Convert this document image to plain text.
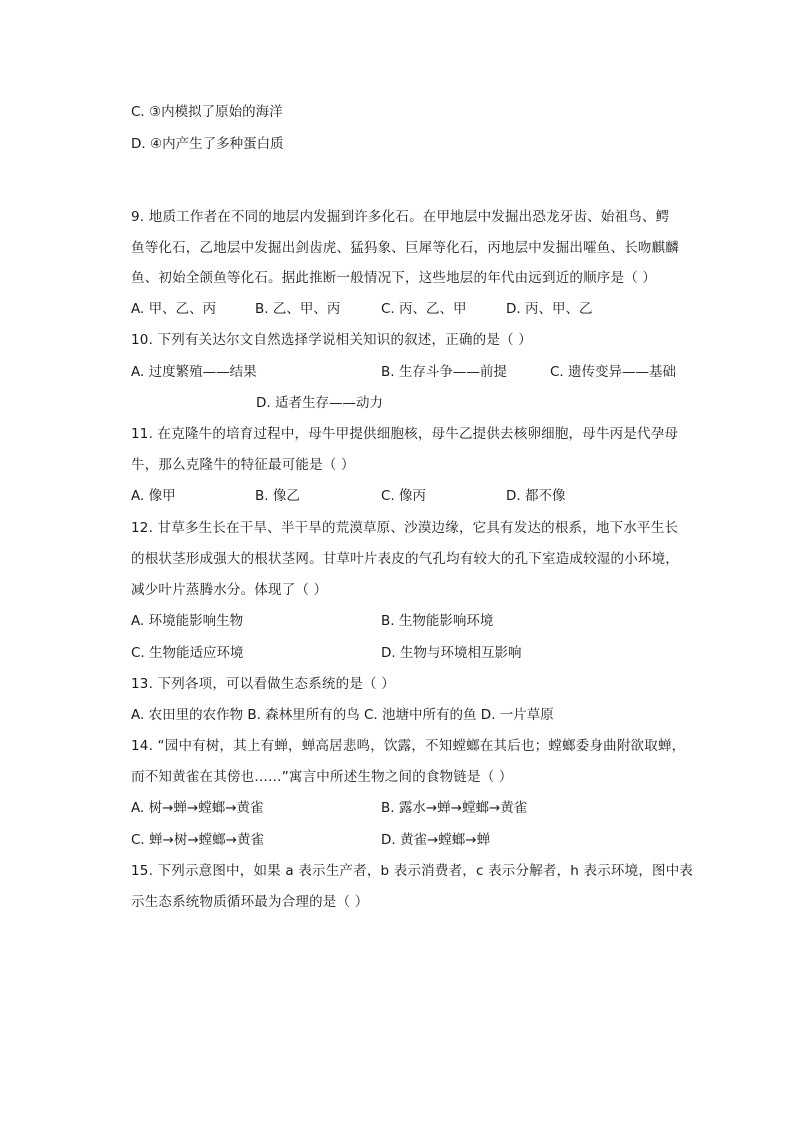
C. ③内模拟了原始的海洋
D. ④内产生了多种蛋白质
9. 地质工作者在不同的地层内发掘到许多化石。在甲地层中发掘出恐龙牙齿、始祖鸟、鳄
鱼等化石，乙地层中发掘出剑齿虎、猛犸象、巨犀等化石，丙地层中发掘出嚯鱼、长吻麒麟
鱼、初始全颌鱼等化石。据此推断一般情况下，这些地层的年代由远到近的顺序是（ ）
A. 甲、乙、丙	B. 乙、甲、丙	C. 丙、乙、甲	D. 丙、甲、乙
10. 下列有关达尔文自然选择学说相关知识的叙述，正确的是（ ）
A. 过度繁殖——结果	B. 生存斗争——前提	C. 遗传变异——基础
D. 适者生存——动力
11. 在克隆牛的培育过程中，母牛甲提供细胞核，母牛乙提供去核卵细胞，母牛丙是代孕母
牛，那么克隆牛的特征最可能是（ ）
A. 像甲	B. 像乙	C. 像丙	D. 都不像
12. 甘草多生长在干旱、半干旱的荒漠草原、沙漠边缘，它具有发达的根系，地下水平生长
的根状茎形成强大的根状茎网。甘草叶片表皮的气孔均有较大的孔下室造成较湿的小环境，
减少叶片蒸腾水分。体现了（ ）
A. 环境能影响生物	B. 生物能影响环境
C. 生物能适应环境	D. 生物与环境相互影响
13. 下列各项，可以看做生态系统的是（ ）
A. 农田里的农作物 B. 森林里所有的鸟 C. 池塘中所有的鱼 D. 一片草原
14. “园中有树，其上有蝉，蝉高居悲鸣，饮露，不知螳螂在其后也；螳螂委身曲附欲取蝉，
而不知黄雀在其傍也……”寓言中所述生物之间的食物链是（ ）
A. 树→蝉→螳螂→黄雀	B. 露水→蝉→螳螂→黄雀
C. 蝉→树→螳螂→黄雀	D. 黄雀→螳螂→蝉
15. 下列示意图中，如果 a 表示生产者，b 表示消费者，c 表示分解者，h 表示环境，图中表
示生态系统物质循环最为合理的是（ ）
